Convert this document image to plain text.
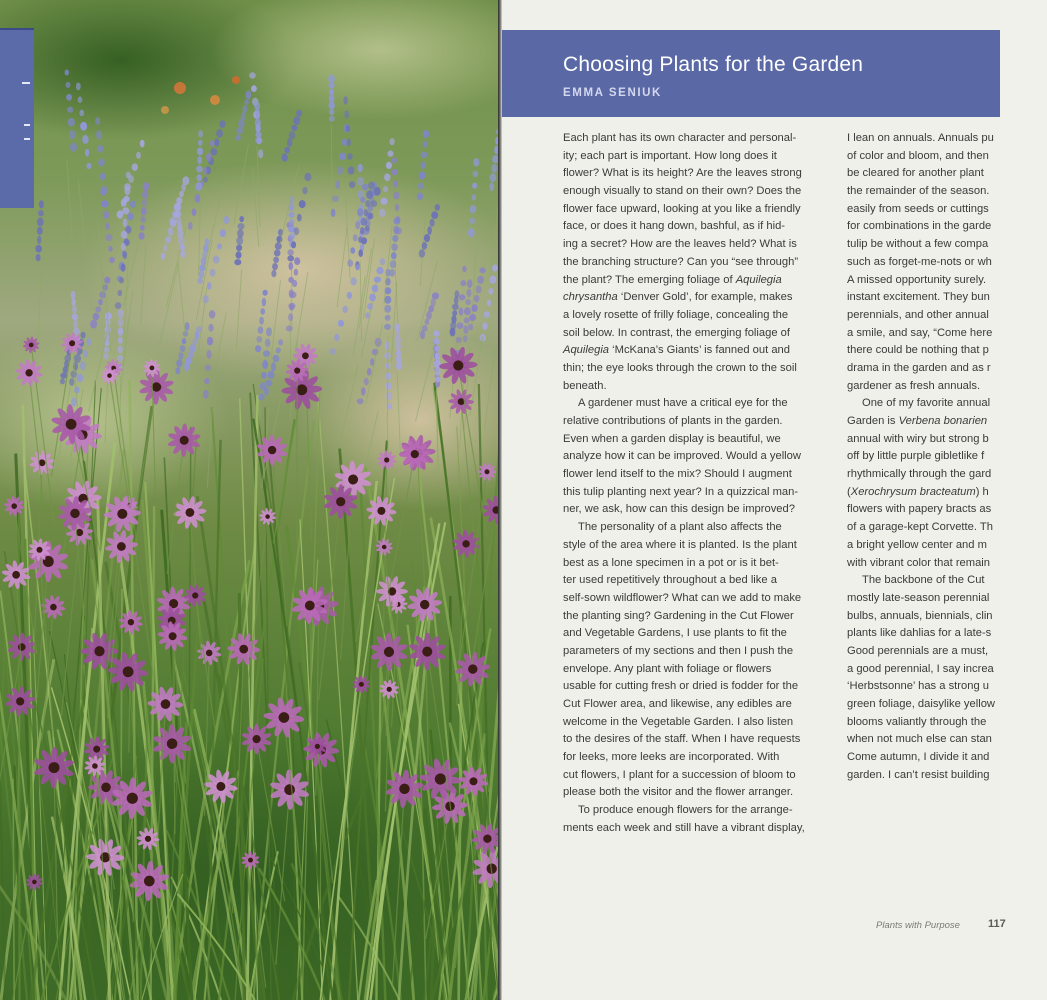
Choosing Plants for the Garden

EMMA SENIUK

Each plant has its own character and personal-
ity; each part is important. How long does it
flower? What is its height? Are the leaves strong
enough visually to stand on their own? Does the
flower face upward, looking at you like a friendly
face, or does it hang down, bashful, as if hid-
ing a secret? How are the leaves held? What is
the branching structure? Can you “see through”
the plant? The emerging foliage of Aquilegia
chrysantha ‘Denver Gold’, for example, makes
a lovely rosette of frilly foliage, concealing the
soil below. In contrast, the emerging foliage of
Aquilegia ‘McKana’s Giants’ is fanned out and
thin; the eye looks through the crown to the soil
beneath.
A gardener must have a critical eye for the
relative contributions of plants in the garden.
Even when a garden display is beautiful, we
analyze how it can be improved. Would a yellow
flower lend itself to the mix? Should I augment
this tulip planting next year? In a quizzical man-
ner, we ask, how can this design be improved?
The personality of a plant also affects the
style of the area where it is planted. Is the plant
best as a lone specimen in a pot or is it bet-
ter used repetitively throughout a bed like a
self-sown wildflower? What can we add to make
the planting sing? Gardening in the Cut Flower
and Vegetable Gardens, I use plants to fit the
parameters of my sections and then I push the
envelope. Any plant with foliage or flowers
usable for cutting fresh or dried is fodder for the
Cut Flower area, and likewise, any edibles are
welcome in the Vegetable Garden. I also listen
to the desires of the staff. When I have requests
for leeks, more leeks are incorporated. With
cut flowers, I plant for a succession of bloom to
please both the visitor and the flower arranger.
To produce enough flowers for the arrange-
ments each week and still have a vibrant display,
I lean on annuals. Annuals pu
of color and bloom, and then
be cleared for another plant
the remainder of the season.
easily from seeds or cuttings
for combinations in the garde
tulip be without a few compa
such as forget-me-nots or wh
A missed opportunity surely.
instant excitement. They bun
perennials, and other annual
a smile, and say, “Come here
there could be nothing that p
drama in the garden and as r
gardener as fresh annuals.
One of my favorite annual
Garden is Verbena bonarien
annual with wiry but strong b
off by little purple gibletlike f
rhythmically through the gard
(Xerochrysum bracteatum) h
flowers with papery bracts as
of a garage-kept Corvette. Th
a bright yellow center and m
with vibrant color that remain
The backbone of the Cut
mostly late-season perennial
bulbs, annuals, biennials, clin
plants like dahlias for a late-s
Good perennials are a must,
a good perennial, I say increa
‘Herbstsonne’ has a strong u
green foliage, daisylike yellow
blooms valiantly through the
when not much else can stan
Come autumn, I divide it and
garden. I can’t resist building
Plants with Purpose	117
